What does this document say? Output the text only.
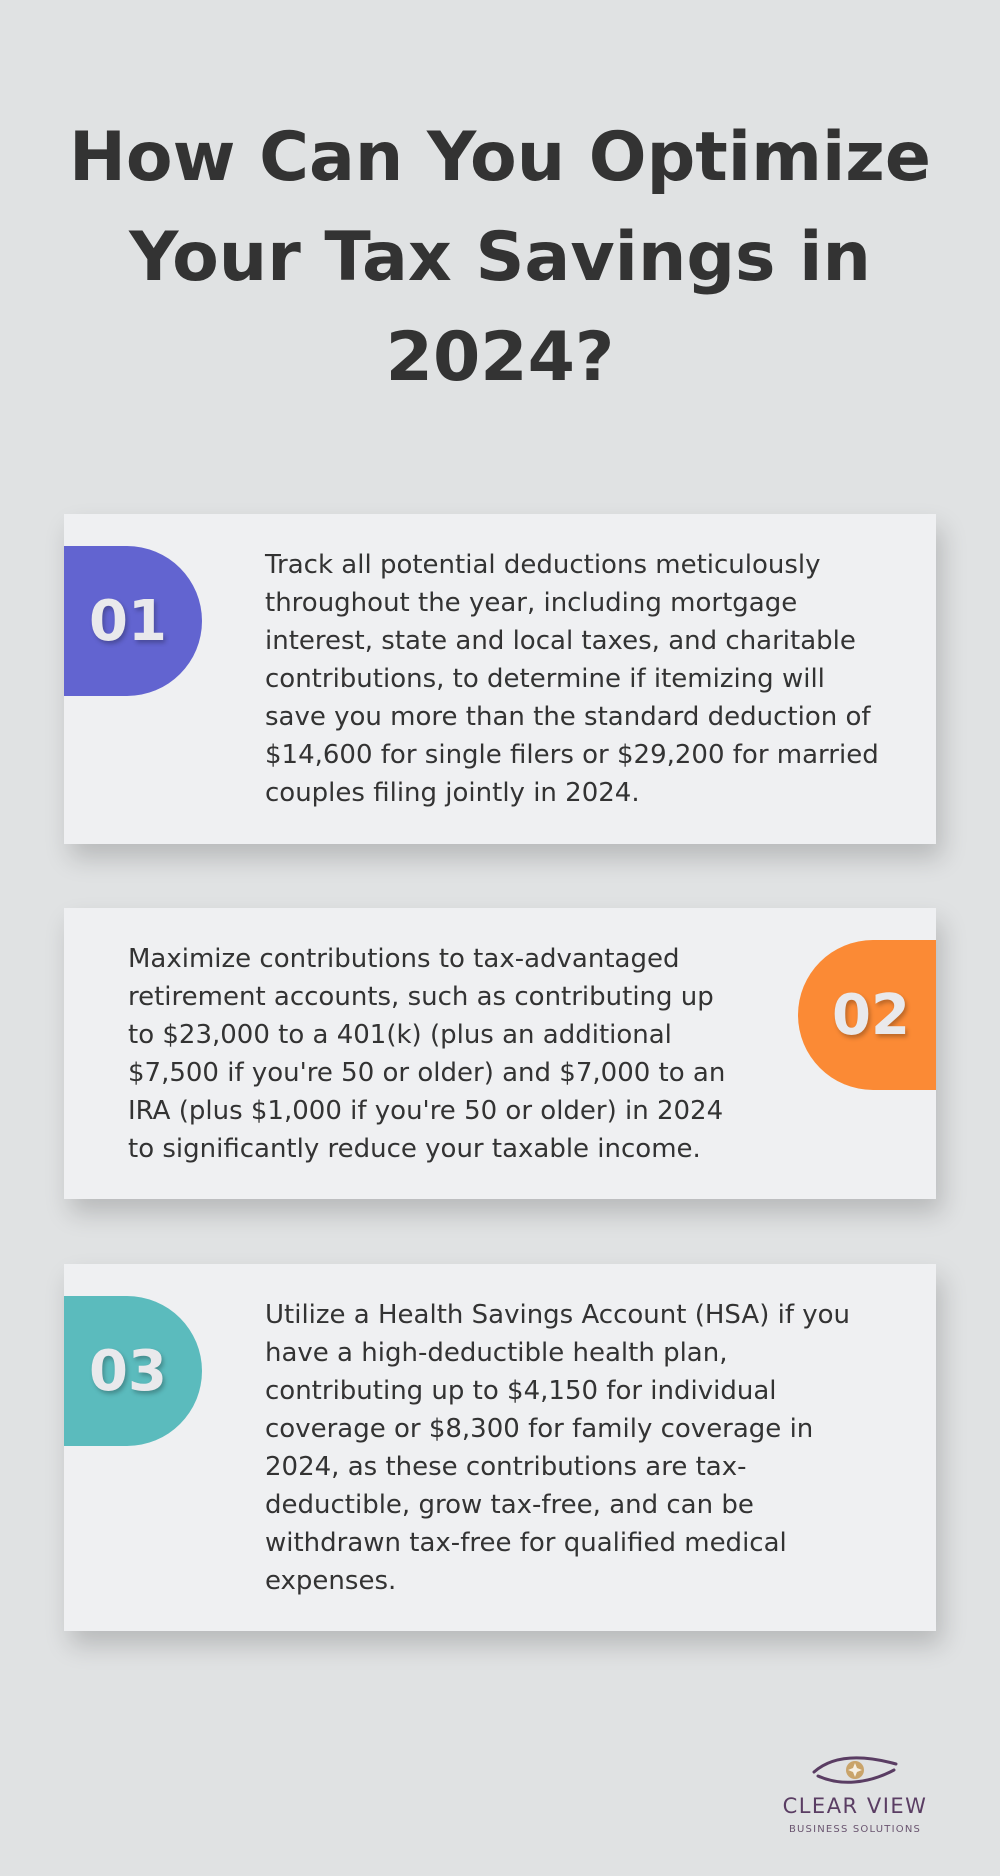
How Can You Optimize Your Tax Savings in 2024?
01

Track all potential deductions meticulously throughout the year, including mortgage interest, state and local taxes, and charitable contributions, to determine if itemizing will save you more than the standard deduction of $14,600 for single filers or $29,200 for married couples filing jointly in 2024.

Maximize contributions to tax-advantaged retirement accounts, such as contributing up to $23,000 to a 401(k) (plus an additional $7,500 if you're 50 or older) and $7,000 to an IRA (plus $1,000 if you're 50 or older) in 2024 to significantly reduce your taxable income.

02
03

Utilize a Health Savings Account (HSA) if you have a high-deductible health plan, contributing up to $4,150 for individual coverage or $8,300 for family coverage in 2024, as these contributions are tax-deductible, grow tax-free, and can be withdrawn tax-free for qualified medical expenses.

CLEAR VIEW
BUSINESS SOLUTIONS
